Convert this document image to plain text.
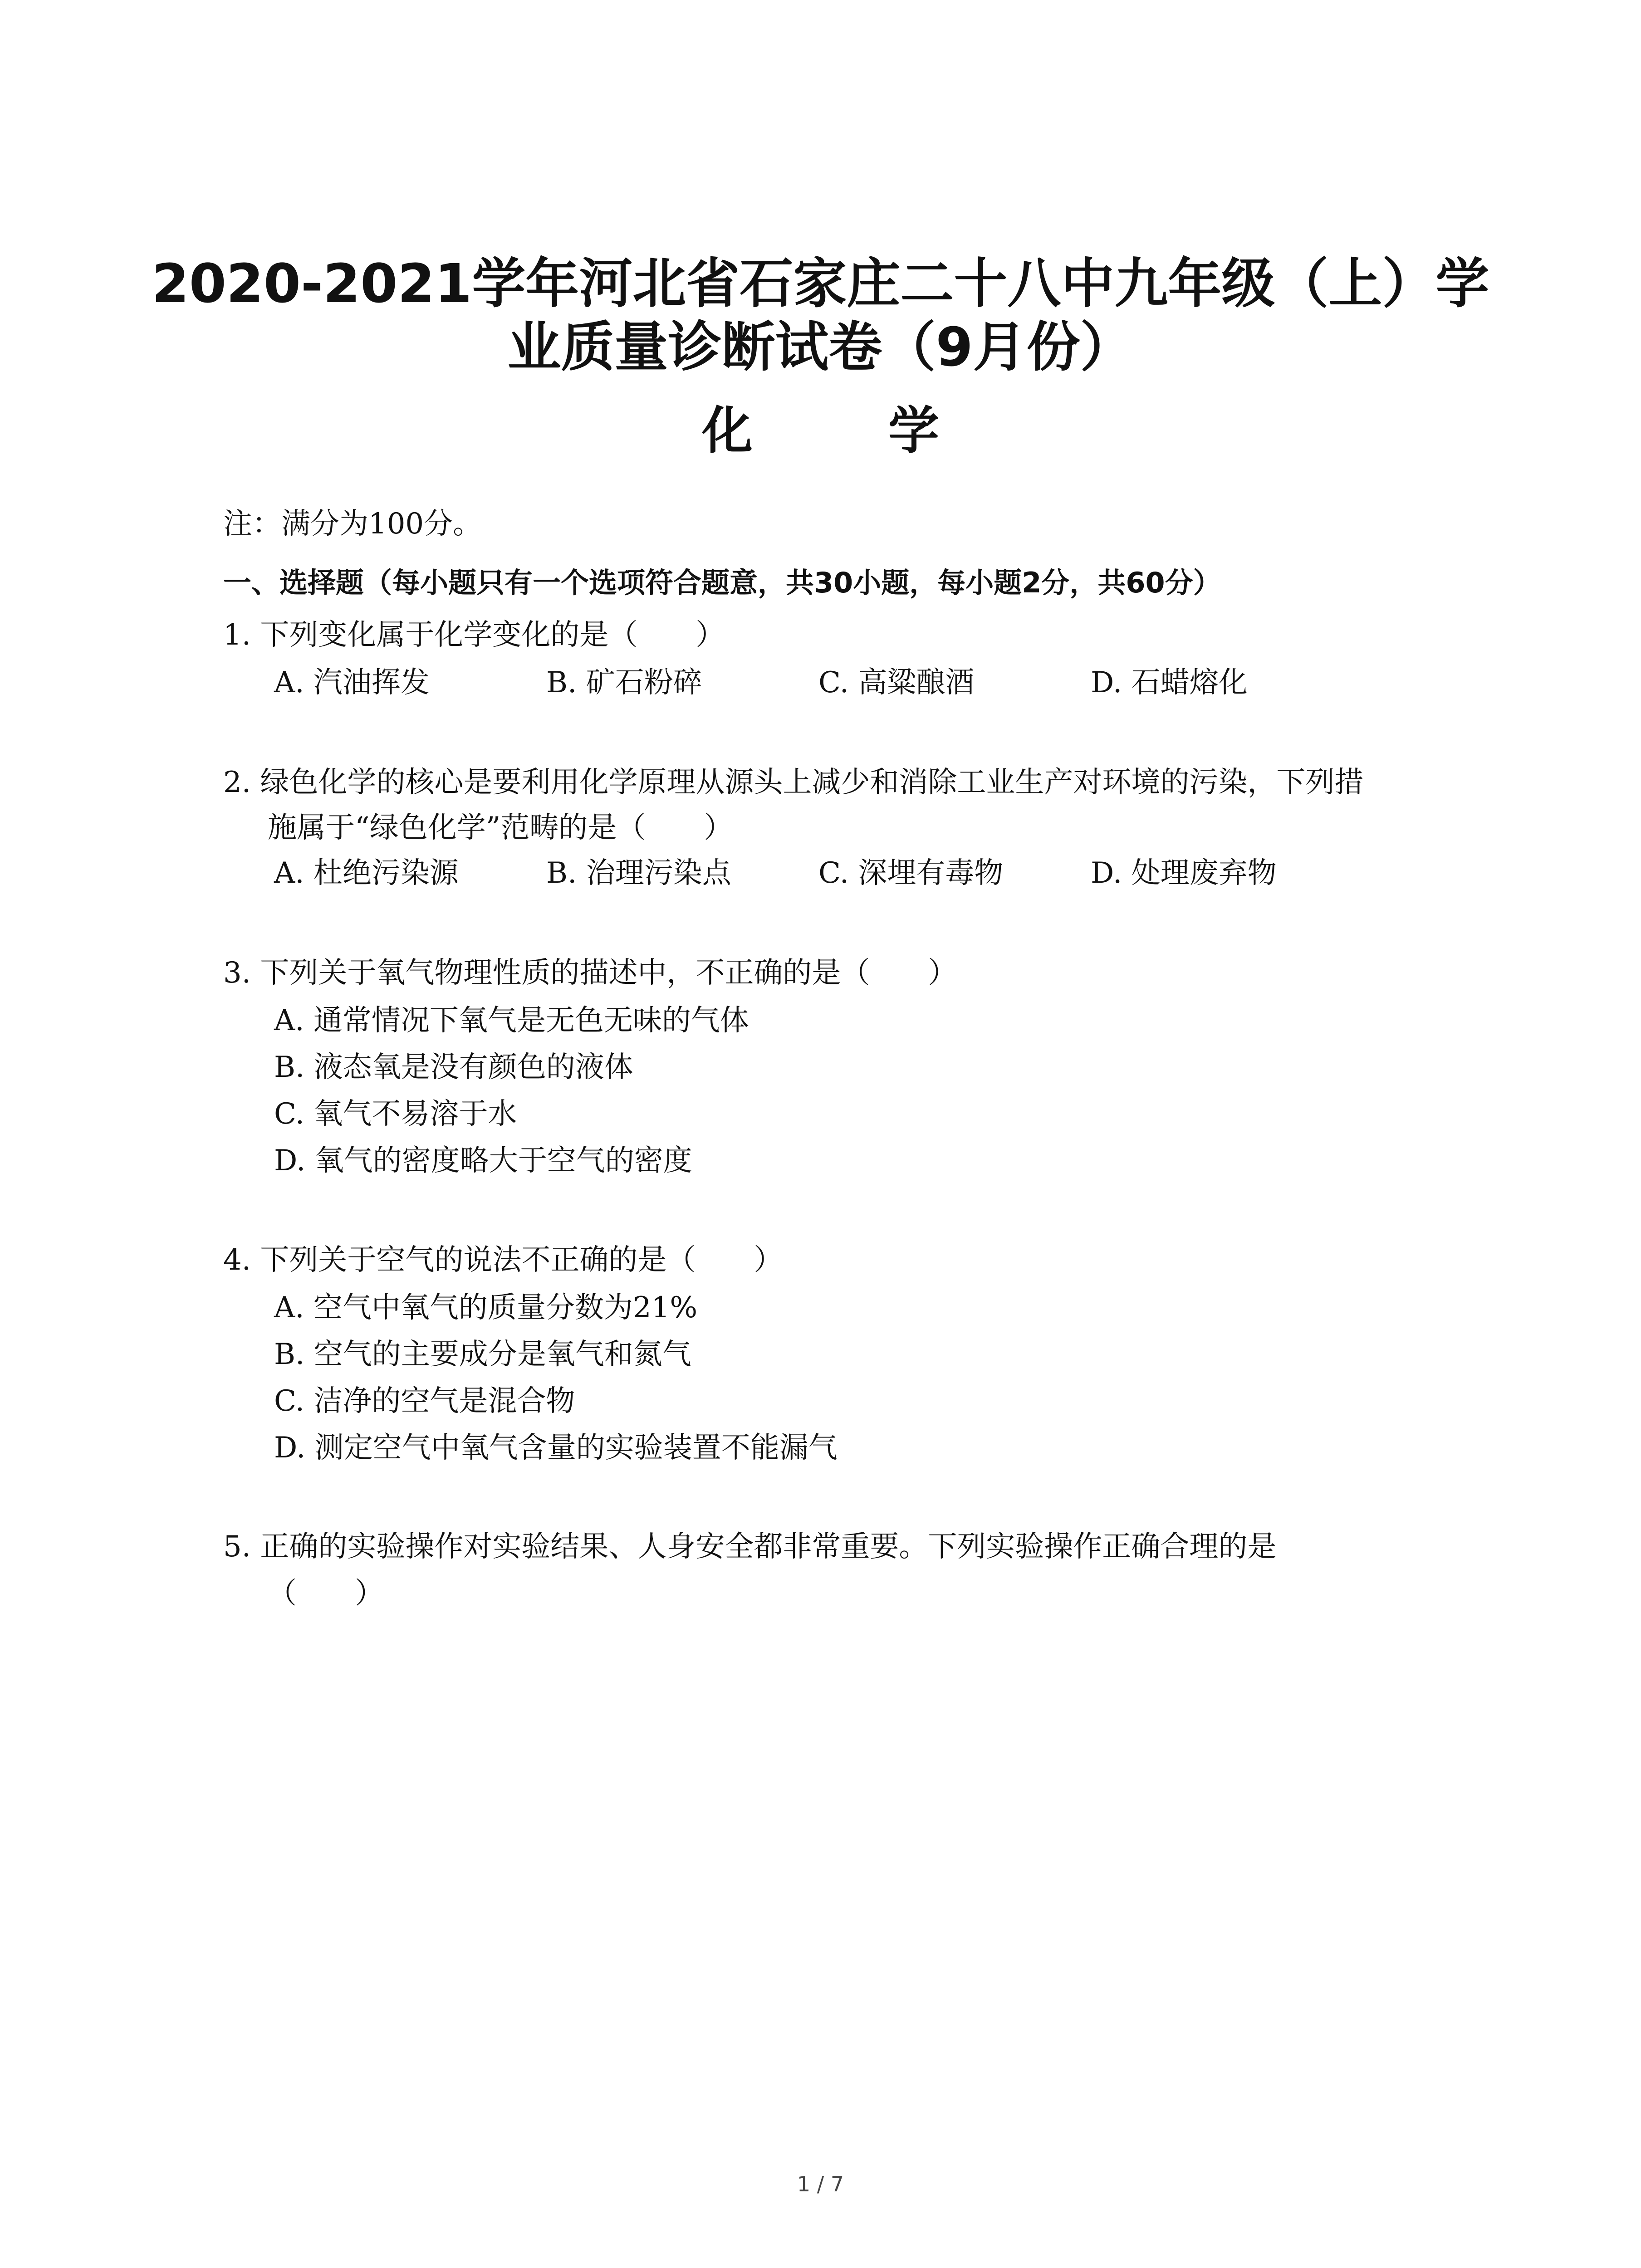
2020-2021学年河北省石家庄二十八中九年级（上）学
业质量诊断试卷（9月份）
化 学
注：满分为100分。
一、选择题（每小题只有一个选项符合题意，共30小题，每小题2分，共60分）
1. 下列变化属于化学变化的是（　　）
A. 汽油挥发	B. 矿石粉碎	C. 高粱酿酒	D. 石蜡熔化
2. 绿色化学的核心是要利用化学原理从源头上减少和消除工业生产对环境的污染，下列措
施属于“绿色化学”范畴的是（　　）
A. 杜绝污染源	B. 治理污染点	C. 深埋有毒物	D. 处理废弃物
3. 下列关于氧气物理性质的描述中，不正确的是（　　）
A. 通常情况下氧气是无色无味的气体
B. 液态氧是没有颜色的液体
C. 氧气不易溶于水
D. 氧气的密度略大于空气的密度
4. 下列关于空气的说法不正确的是（　　）
A. 空气中氧气的质量分数为21%
B. 空气的主要成分是氧气和氮气
C. 洁净的空气是混合物
D. 测定空气中氧气含量的实验装置不能漏气
5. 正确的实验操作对实验结果、人身安全都非常重要。下列实验操作正确合理的是
（　　）
1 / 7
